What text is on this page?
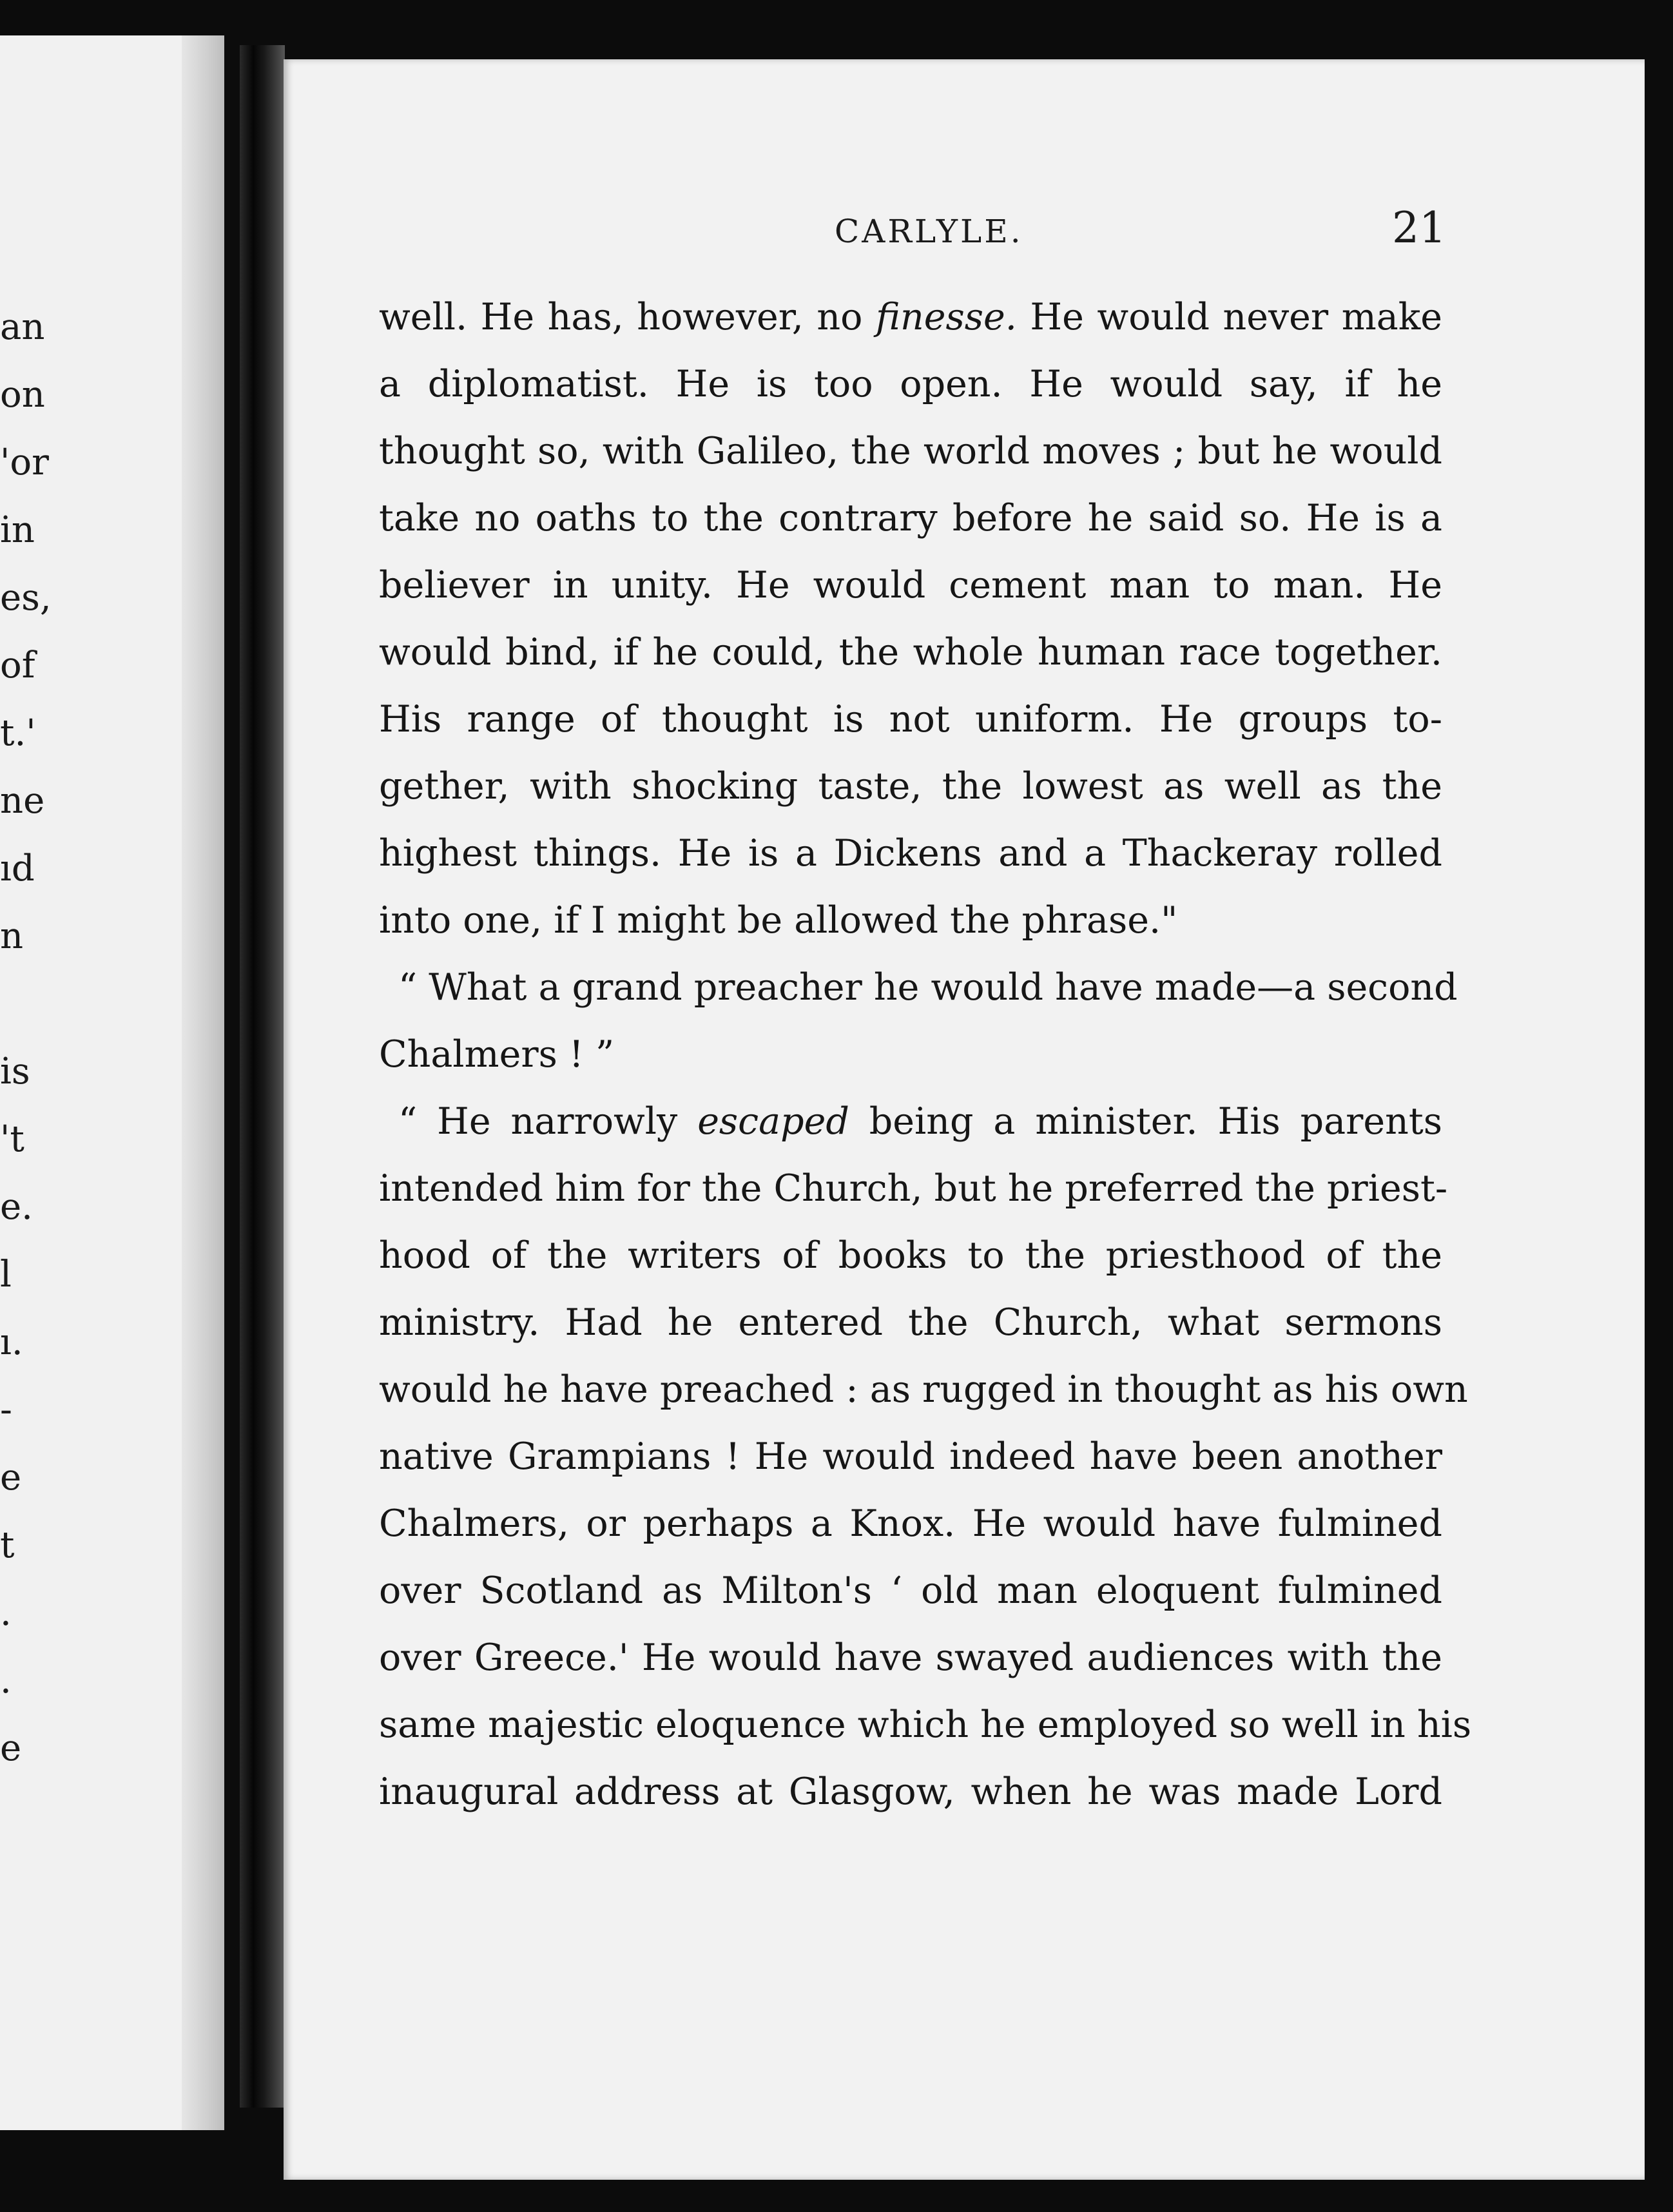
an
on
'or
in
es,
of
t.'
ne
ıd
n
is
't
e.
l
ı.
-
e
t
.
.
e
CARLYLE.	21
well. He has, however, no finesse. He would never make
a diplomatist. He is too open. He would say, if he
thought so, with Galileo, the world moves ; but he would
take no oaths to the contrary before he said so. He is a
believer in unity. He would cement man to man. He
would bind, if he could, the whole human race together.
His range of thought is not uniform. He groups to-
gether, with shocking taste, the lowest as well as the
highest things. He is a Dickens and a Thackeray rolled
into one, if I might be allowed the phrase."
“ What a grand preacher he would have made—a second
Chalmers ! ”
“ He narrowly escaped being a minister. His parents
intended him for the Church, but he preferred the priest-
hood of the writers of books to the priesthood of the
ministry. Had he entered the Church, what sermons
would he have preached : as rugged in thought as his own
native Grampians ! He would indeed have been another
Chalmers, or perhaps a Knox. He would have fulmined
over Scotland as Milton's ‘ old man eloquent fulmined
over Greece.' He would have swayed audiences with the
same majestic eloquence which he employed so well in his
inaugural address at Glasgow, when he was made Lord
